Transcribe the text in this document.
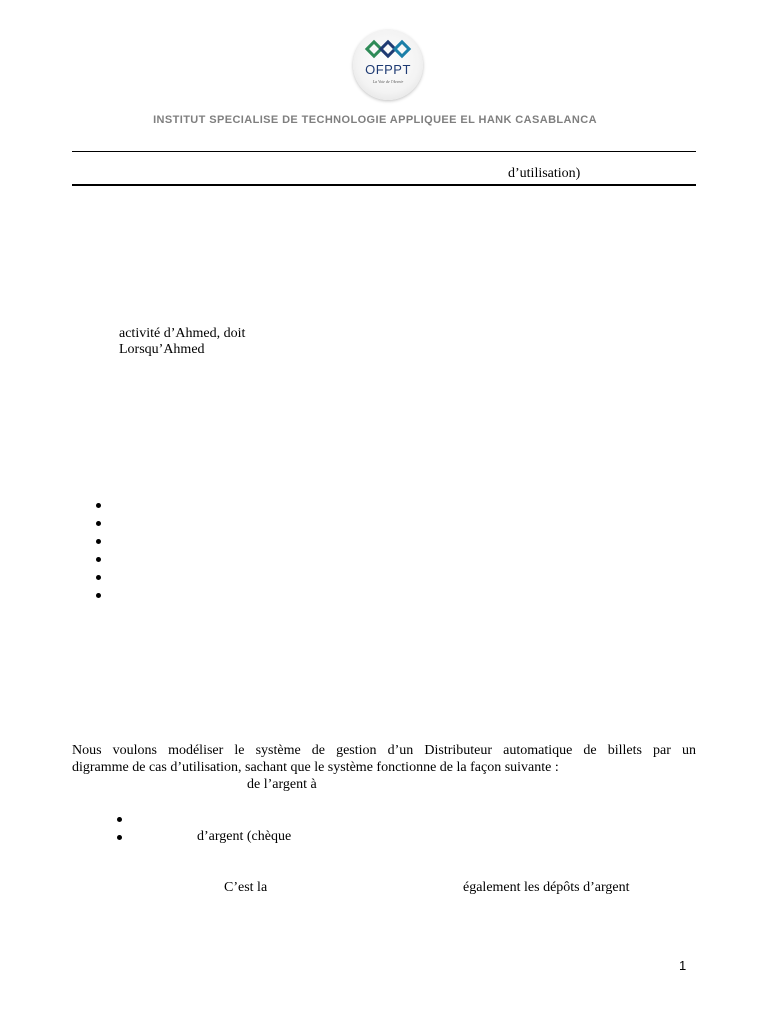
OFPPT
La Voie de l'Avenir
INSTITUT SPECIALISE DE TECHNOLOGIE APPLIQUEE EL HANK CASABLANCA
d’utilisation)
activité d’Ahmed, doit
Lorsqu’Ahmed
Nous voulons modéliser le système de gestion d’un Distributeur automatique de billets par un
digramme de cas d’utilisation, sachant que le système fonctionne de la façon suivante :
de l’argent à
d’argent (chèque
C’est la	également les dépôts d’argent
1
